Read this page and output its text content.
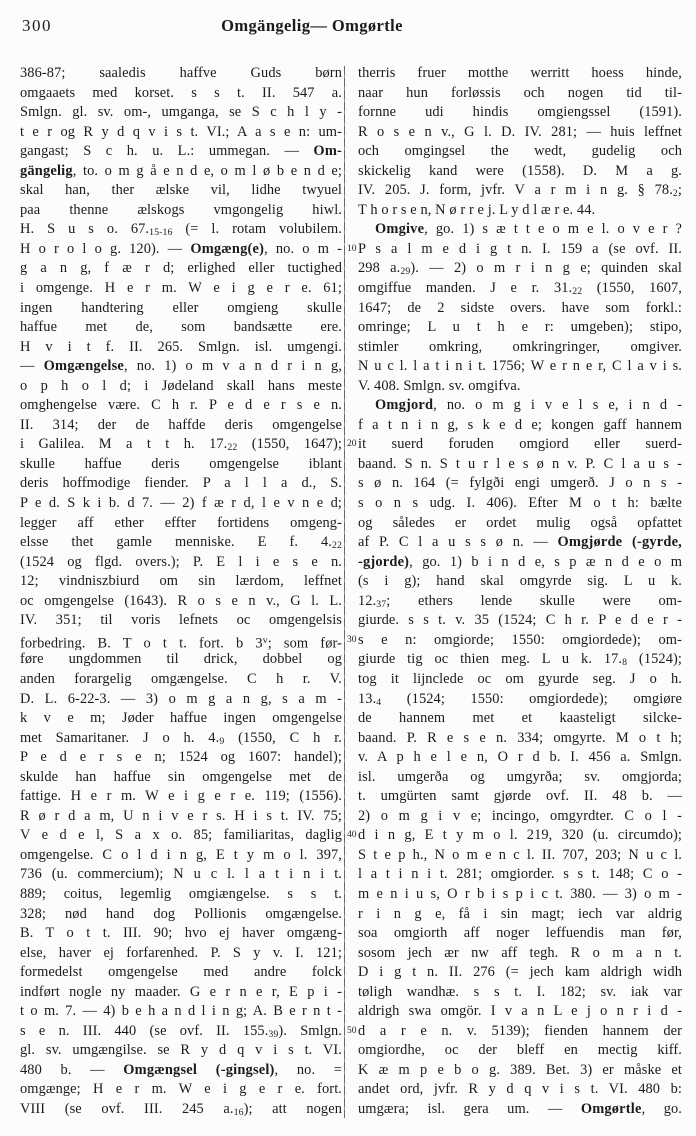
300	Omgängelig— Omgørtle
386-87; saaledis haffve Guds børn
omgaaets med korset. s s t. II. 547 a.
Smlgn. gl. sv. om-, umganga, se S c h l y -
t e r og R y d q v i s t. VI.; A a s e n: um-
gangast; S c h. u. L.: ummegan. — Om-
gängelig, to. o m g å e n d e, o m l ø b e n d e;
skal han, ther ælske vil, lidhe twyuel
paa thenne ælskogs vmgongelig hiwl.
H. S u s o. 67.15-16 (= l. rotam volubilem.
H o r o l o g. 120). — Omgæng(e), no. o m -
g a n g, f æ r d; erlighed eller tuctighed
i omgenge. H e r m. W e i g e r e. 61;
ingen handtering eller omgieng skulle
haffue met de, som bandsætte ere.
H v i t f. II. 265. Smlgn. isl. umgengi.
— Omgængelse, no. 1) o m v a n d r i n g,
o p h o l d; i Jødeland skall hans meste
omghengelse være. C h r. P e d e r s e n.
II. 314; der de haffde deris omgengelse
i Galilea. M a t t h. 17.22 (1550, 1647);
skulle haffue deris omgengelse iblant
deris hoffmodige fiender. P a l l a d., S.
P e d. S k i b. d 7. — 2) f æ r d, l e v n e d;
legger aff ether effter fortidens omgeng-
elsse thet gamle menniske. E f. 4.22
(1524 og flgd. overs.); P. E l i e s e n.
12; vindniszbiurd om sin lærdom, leffnet
oc omgengelse (1643). R o s e n v., G l. L.
IV. 351; til voris lefnets oc omgengelsis
forbedring. B. T o t t. fort. b 3$^v$; som før-
føre ungdommen til drick, dobbel og
anden forargelig omgængelse. C h r. V.
D. L. 6-22-3. — 3) o m g a n g, s a m -
k v e m; Jøder haffue ingen omgengelse
met Samaritaner. J o h. 4.9 (1550, C h r.
P e d e r s e n; 1524 og 1607: handel);
skulde han haffue sin omgengelse met de
fattige. H e r m. W e i g e r e. 119; (1556).
R ø r d a m, U n i v e r s. H i s t. IV. 75;
V e d e l, S a x o. 85; familiaritas, daglig
omgengelse. C o l d i n g, E t y m o l. 397,
736 (u. commercium); N u c l. l a t i n i t.
889; coitus, legemlig omgiængelse. s s t.
328; nød hand dog Pollionis omgængelse.
B. T o t t. III. 90; hvo ej haver omgæng-
else, haver ej forfarenhed. P. S y v. I. 121;
formedelst omgengelse med andre folck
indført nogle ny maader. G e r n e r, E p i -
t o m. 7. — 4) b e h a n d l i n g; A. B e r n t -
s e n. III. 440 (se ovf. II. 155.39). Smlgn.
gl. sv. umgængilse. se R y d q v i s t. VI.
480 b. — Omgængsel (-gingsel), no. =
omgænge; H e r m. W e i g e r e. fort.
VIII (se ovf. III. 245 a.16); att nogen
10
20
30
40
50
therris fruer motthe werritt hoess hinde,
naar hun forløssis och nogen tid til-
fornne udi hindis omgiengssel (1591).
R o s e n v., G l. D. IV. 281; — huis leffnet
och omgingsel the wedt, gudelig och
skickelig kand were (1558). D. M a g.
IV. 205. J. form, jvfr. V a r m i n g. § 78.2;
T h o r s e n, N ø r r e j. L y d l æ r e. 44.
Omgive, go. 1) s æ t t e o m e l. o v e r ?
P s a l m e d i g t n. I. 159 a (se ovf. II.
298 a.29). — 2) o m r i n g e; quinden skal
omgiffue manden. J e r. 31.22 (1550, 1607,
1647; de 2 sidste overs. have som forkl.:
omringe; L u t h e r: umgeben); stipo,
stimler omkring, omkringringer, omgiver.
N u c l. l a t i n i t. 1756; W e r n e r, C l a v i s.
V. 408. Smlgn. sv. omgifva.
Omgjord, no. o m g i v e l s e, i n d -
f a t n i n g, s k e d e; kongen gaff hannem
it suerd foruden omgiord eller suerd-
baand. S n. S t u r l e s ø n v. P. C l a u s -
s ø n. 164 (= fylgði engi umgerð. J o n s -
s o n s udg. I. 406). Efter M o t h: bælte
og således er ordet mulig også opfattet
af P. C l a u s s ø n. — Omgjørde (-gyrde,
-gjorde), go. 1) b i n d e, s p æ n d e o m
(s i g); hand skal omgyrde sig. L u k.
12.37; ethers lende skulle were om-
giurde. s s t. v. 35 (1524; C h r. P e d e r -
s e n: omgiorde; 1550: omgiordede); om-
giurde tig oc thien meg. L u k. 17.8 (1524);
tog it lijnclede oc om gyurde seg. J o h.
13.4 (1524; 1550: omgiordede); omgiøre
de hannem met et kaasteligt silcke-
baand. P. R e s e n. 334; omgyrte. M o t h;
v. A p h e l e n, O r d b. I. 456 a. Smlgn.
isl. umgerða og umgyrða; sv. omgjorda;
t. umgürten samt gjørde ovf. II. 48 b. —
2) o m g i v e; incingo, omgyrdter. C o l -
d i n g, E t y m o l. 219, 320 (u. circumdo);
S t e p h., N o m e n c l. II. 707, 203; N u c l.
l a t i n i t. 281; omgiorder. s s t. 148; C o -
m e n i u s, O r b i s p i c t. 380. — 3) o m -
r i n g e, få i sin magt; iech var aldrig
soa omgiorth aff noger leffuendis man før,
sosom jech ær nw aff tegh. R o m a n t.
D i g t n. II. 276 (= jech kam aldrigh widh
tøligh wandhæ. s s t. I. 182; sv. iak var
aldrigh swa omgör. I v a n L e j o n r i d -
d a r e n. v. 5139); fienden hannem der
omgiordhe, oc der bleff en mectig kiff.
K æ m p e b o g. 389. Bet. 3) er måske et
andet ord, jvfr. R y d q v i s t. VI. 480 b:
umgæra; isl. gera um. — Omgørtle, go.
